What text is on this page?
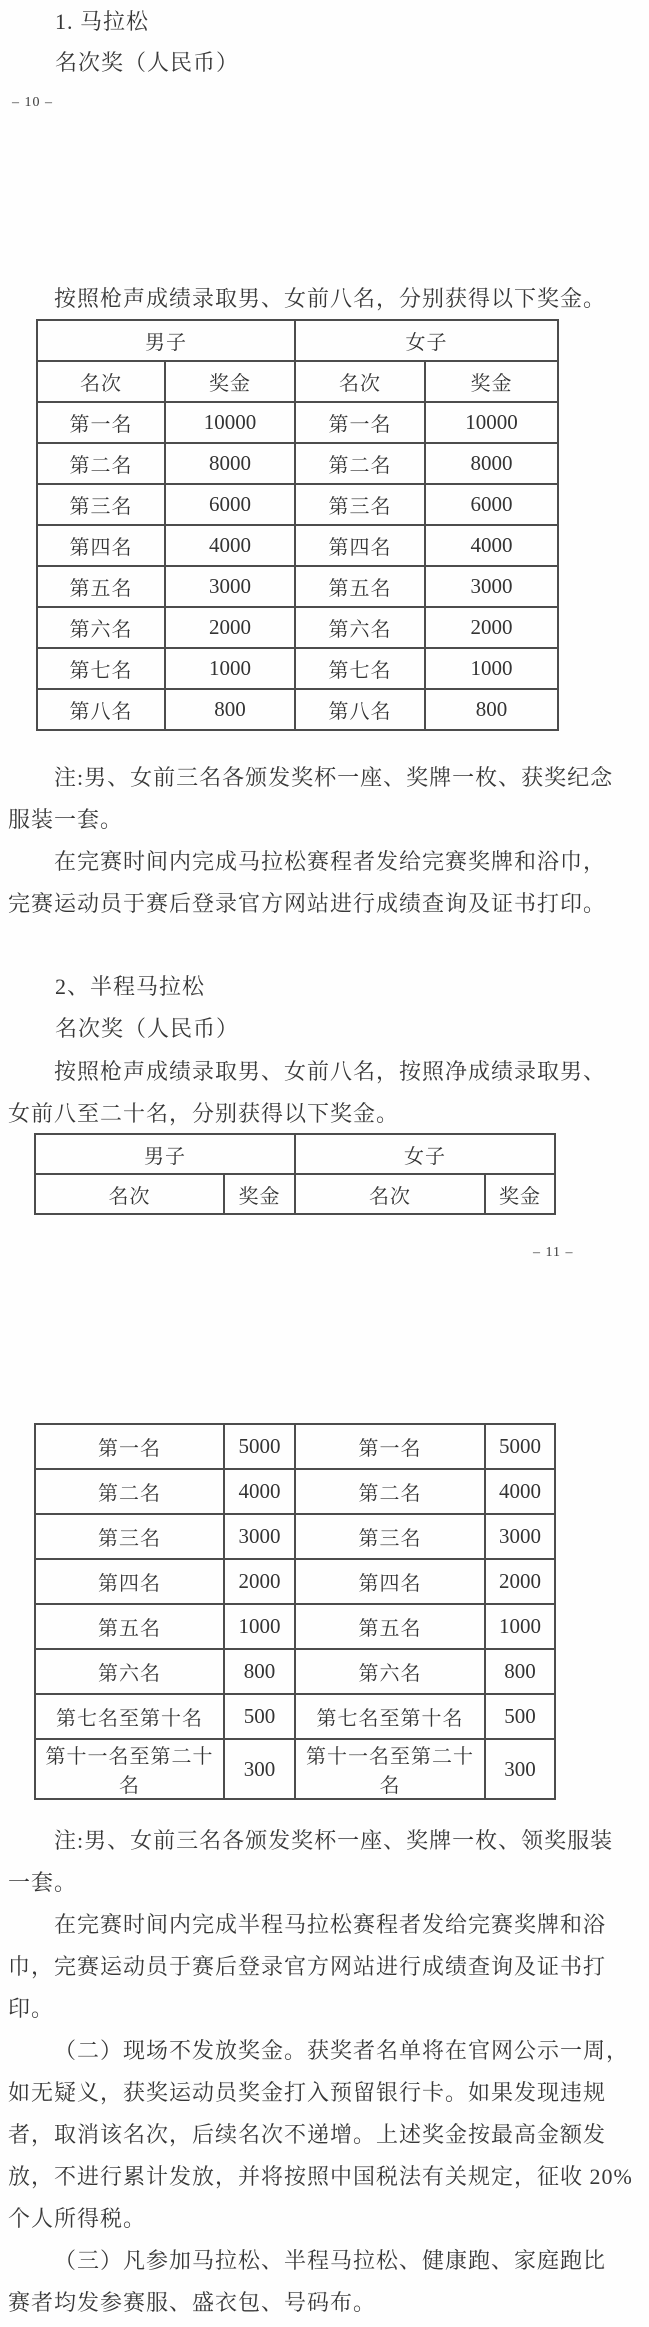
1. 马拉松
名次奖（人民币）
– 10 –
按照枪声成绩录取男、女前八名，分别获得以下奖金。
男子		女子	
名次	奖金	名次	奖金
第一名	10000	第一名	10000
第二名	8000	第二名	8000
第三名	6000	第三名	6000
第四名	4000	第四名	4000
第五名	3000	第五名	3000
第六名	2000	第六名	2000
第七名	1000	第七名	1000
第八名	800	第八名	800
注:男、女前三名各颁发奖杯一座、奖牌一枚、获奖纪念
服装一套。
在完赛时间内完成马拉松赛程者发给完赛奖牌和浴巾，
完赛运动员于赛后登录官方网站进行成绩查询及证书打印。
2、半程马拉松
名次奖（人民币）
按照枪声成绩录取男、女前八名，按照净成绩录取男、
女前八至二十名，分别获得以下奖金。
男子		女子	
名次	奖金	名次	奖金
– 11 –
第一名	5000	第一名	5000
第二名	4000	第二名	4000
第三名	3000	第三名	3000
第四名	2000	第四名	2000
第五名	1000	第五名	1000
第六名	800	第六名	800
第七名至第十名	500	第七名至第十名	500
第十一名至第二十名	300	第十一名至第二十名	300
注:男、女前三名各颁发奖杯一座、奖牌一枚、领奖服装
一套。
在完赛时间内完成半程马拉松赛程者发给完赛奖牌和浴
巾，完赛运动员于赛后登录官方网站进行成绩查询及证书打
印。
（二）现场不发放奖金。获奖者名单将在官网公示一周，
如无疑义，获奖运动员奖金打入预留银行卡。如果发现违规
者，取消该名次，后续名次不递增。上述奖金按最高金额发
放，不进行累计发放，并将按照中国税法有关规定，征收 20%
个人所得税。
（三）凡参加马拉松、半程马拉松、健康跑、家庭跑比
赛者均发参赛服、盛衣包、号码布。
